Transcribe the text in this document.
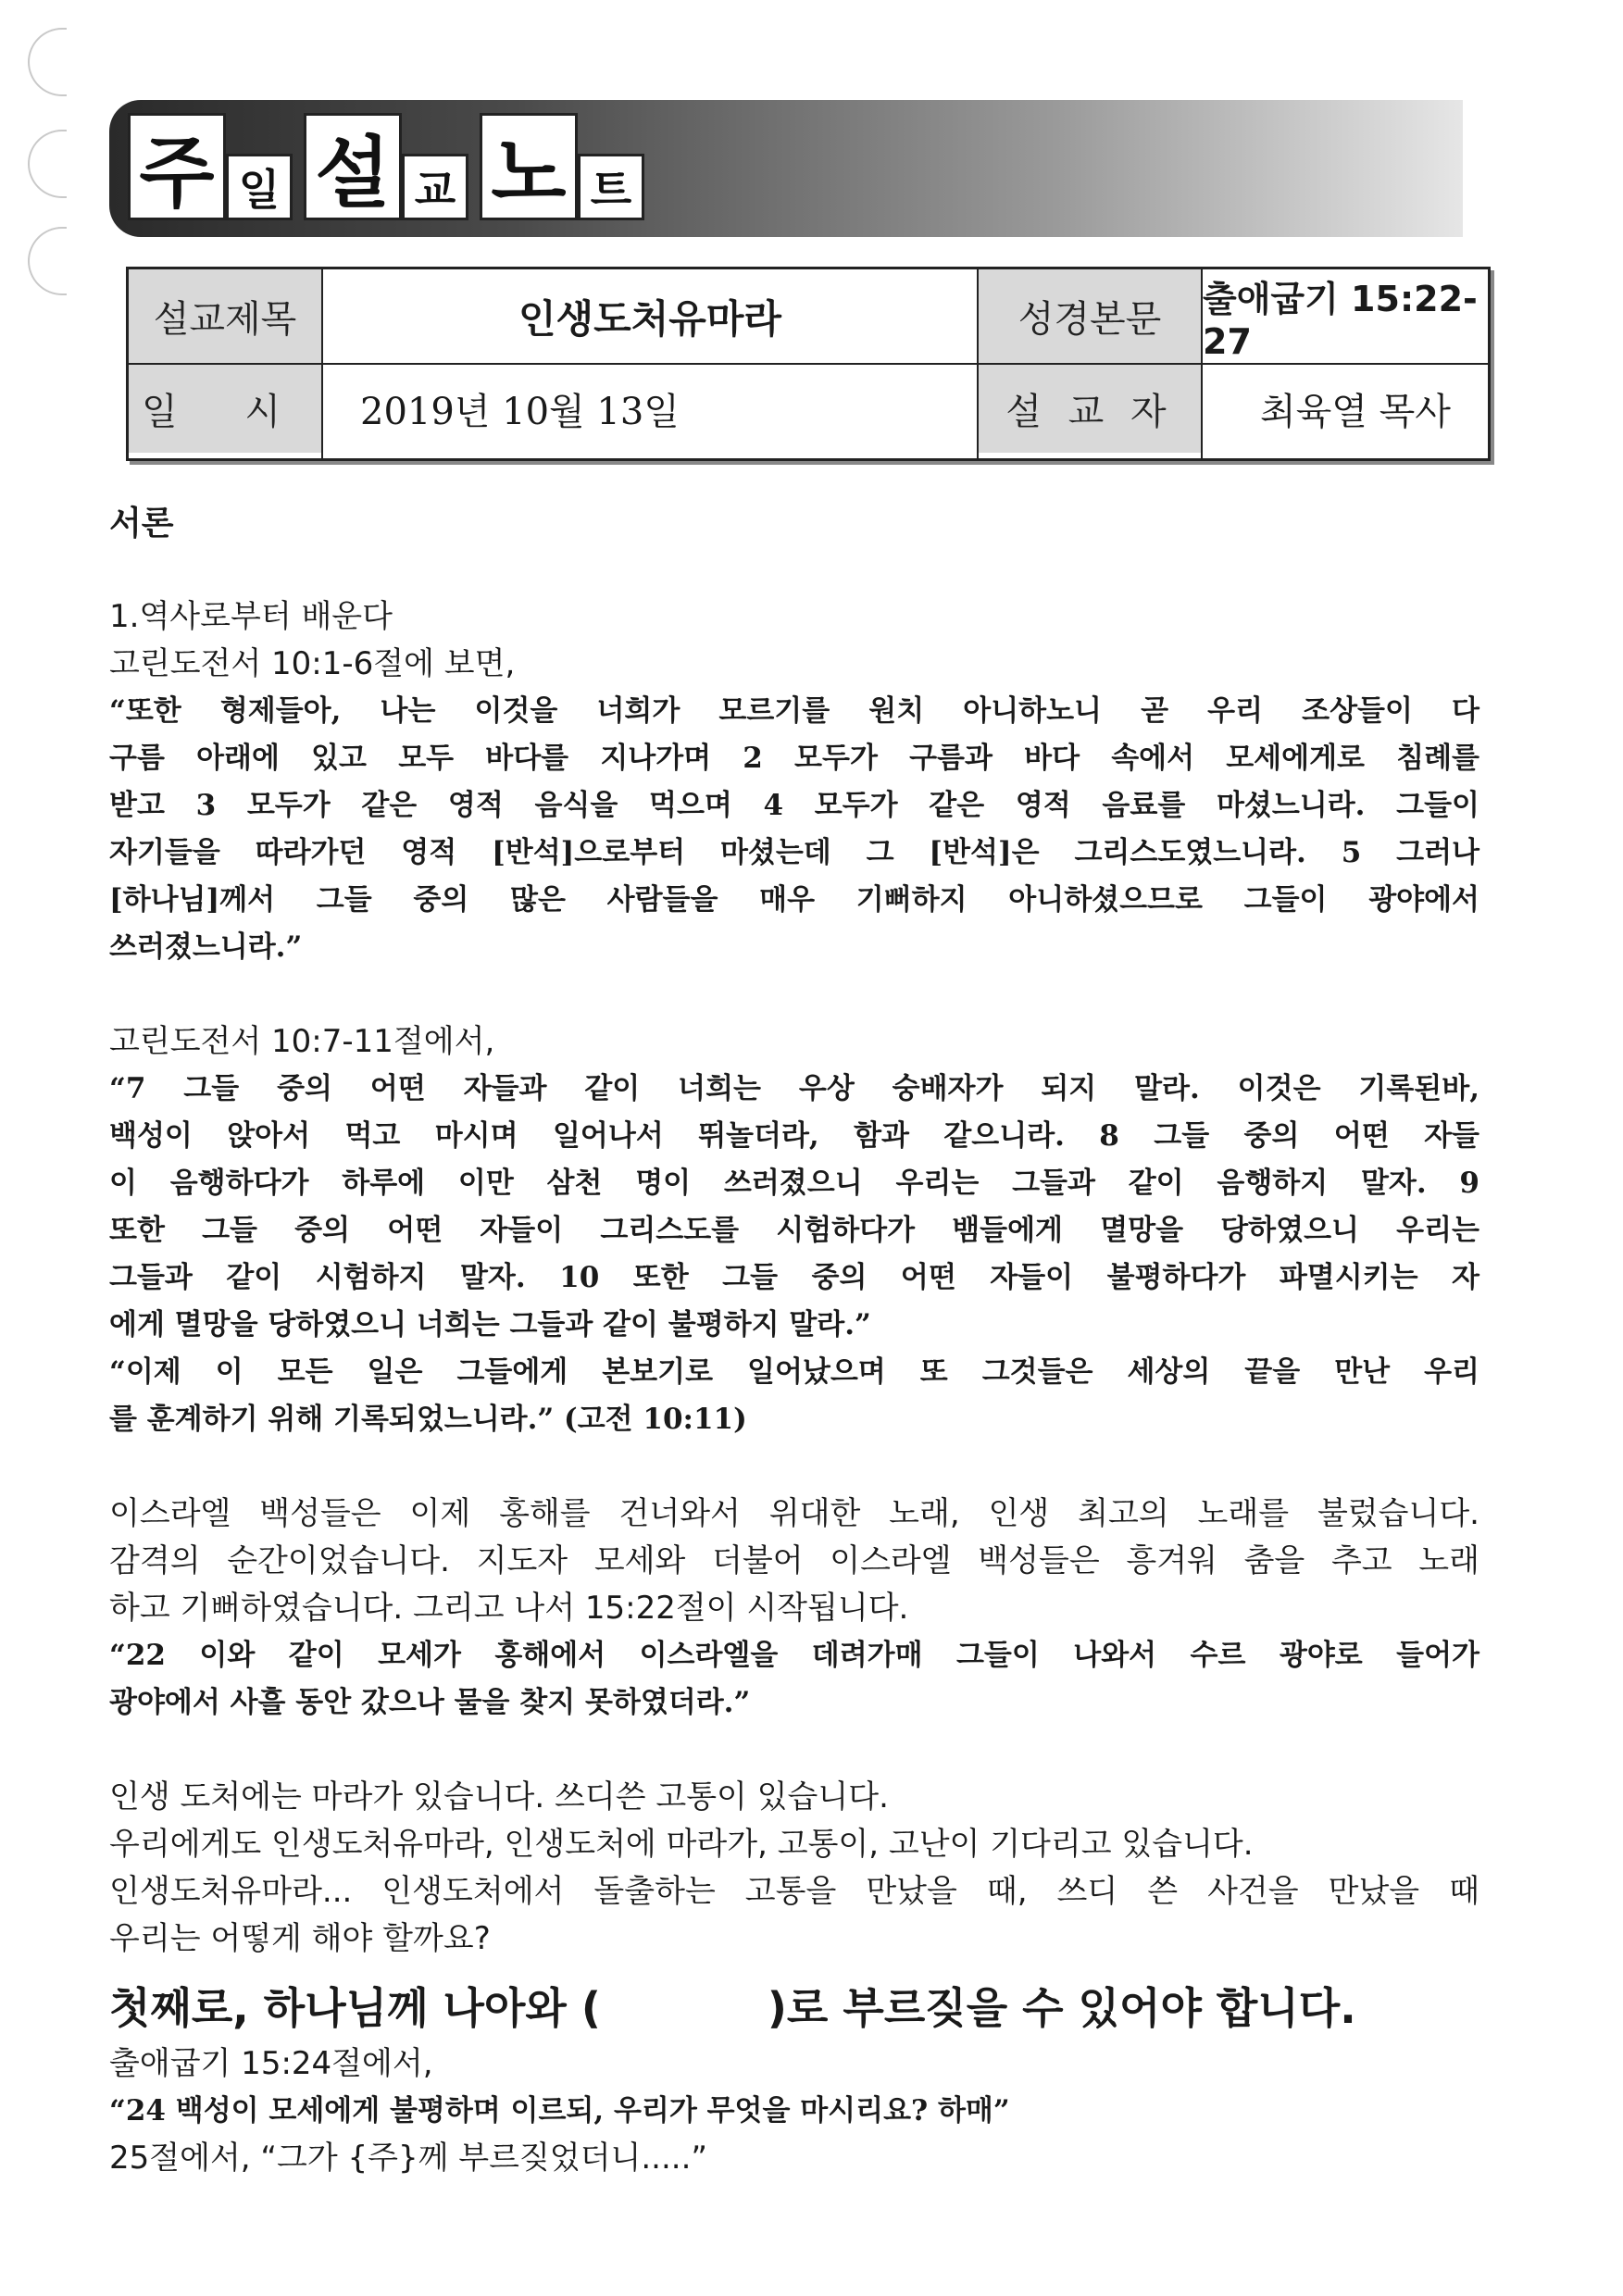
주 일 설 교 노 트
설교제목	인생도처유마라	성경본문	출애굽기 15:22-27
일 시	2019년 10월 13일	설 교 자	최육열 목사
서론
1.역사로부터 배운다
고린도전서 10:1-6절에 보면,
“또한 형제들아, 나는 이것을 너희가 모르기를 원치 아니하노니 곧 우리 조상들이 다
구름 아래에 있고 모두 바다를 지나가며 2 모두가 구름과 바다 속에서 모세에게로 침례를
받고 3 모두가 같은 영적 음식을 먹으며 4 모두가 같은 영적 음료를 마셨느니라. 그들이
자기들을 따라가던 영적 [반석]으로부터 마셨는데 그 [반석]은 그리스도였느니라. 5 그러나
[하나님]께서 그들 중의 많은 사람들을 매우 기뻐하지 아니하셨으므로 그들이 광야에서
쓰러졌느니라.”
고린도전서 10:7-11절에서,
“7 그들 중의 어떤 자들과 같이 너희는 우상 숭배자가 되지 말라. 이것은 기록된바,
백성이 앉아서 먹고 마시며 일어나서 뛰놀더라, 함과 같으니라. 8 그들 중의 어떤 자들
이 음행하다가 하루에 이만 삼천 명이 쓰러졌으니 우리는 그들과 같이 음행하지 말자. 9
또한 그들 중의 어떤 자들이 그리스도를 시험하다가 뱀들에게 멸망을 당하였으니 우리는
그들과 같이 시험하지 말자. 10 또한 그들 중의 어떤 자들이 불평하다가 파멸시키는 자
에게 멸망을 당하였으니 너희는 그들과 같이 불평하지 말라.”
“이제 이 모든 일은 그들에게 본보기로 일어났으며 또 그것들은 세상의 끝을 만난 우리
를 훈계하기 위해 기록되었느니라.” (고전 10:11)
이스라엘 백성들은 이제 홍해를 건너와서 위대한 노래, 인생 최고의 노래를 불렀습니다.
감격의 순간이었습니다. 지도자 모세와 더불어 이스라엘 백성들은 흥겨워 춤을 추고 노래
하고 기뻐하였습니다. 그리고 나서 15:22절이 시작됩니다.
“22 이와 같이 모세가 홍해에서 이스라엘을 데려가매 그들이 나와서 수르 광야로 들어가
광야에서 사흘 동안 갔으나 물을 찾지 못하였더라.”
인생 도처에는 마라가 있습니다. 쓰디쓴 고통이 있습니다.
우리에게도 인생도처유마라, 인생도처에 마라가, 고통이, 고난이 기다리고 있습니다.
인생도처유마라... 인생도처에서 돌출하는 고통을 만났을 때, 쓰디 쓴 사건을 만났을 때
우리는 어떻게 해야 할까요?
첫째로, 하나님께 나아와 (	)로 부르짖을 수 있어야 합니다.
출애굽기 15:24절에서,
“24 백성이 모세에게 불평하며 이르되, 우리가 무엇을 마시리요? 하매”
25절에서, “그가 {주}께 부르짖었더니.....”
